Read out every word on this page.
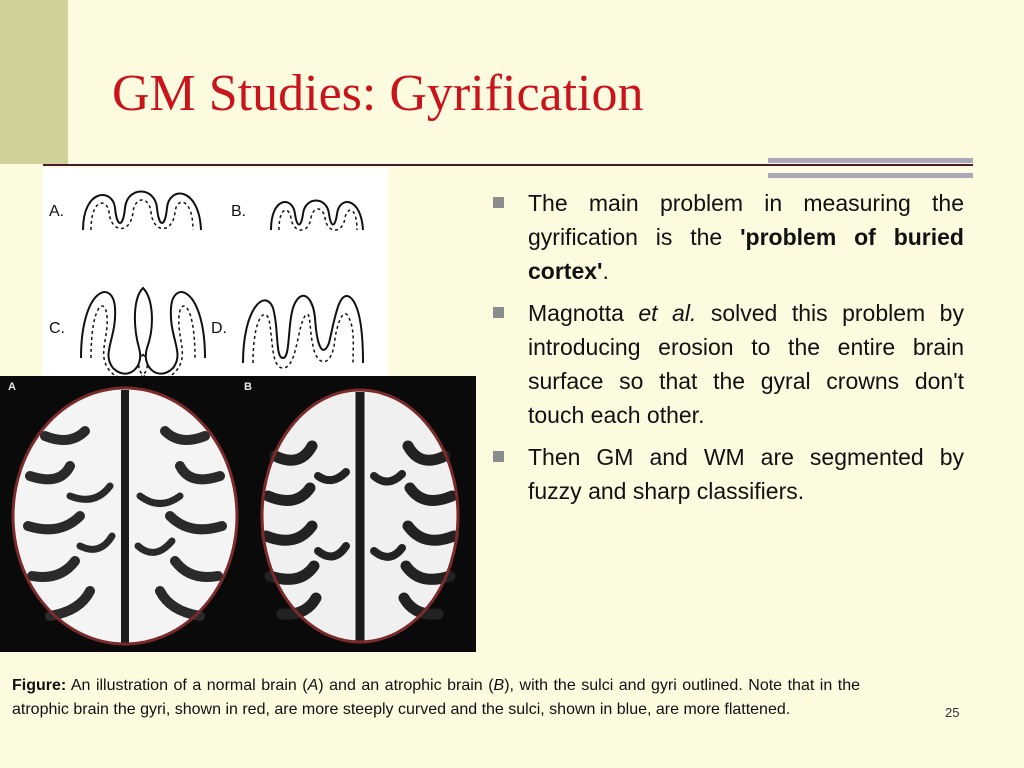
GM Studies: Gyrification
A.	B.
C.	D.
A	B
The main problem in measuring the gyrification is the 'problem of buried cortex'.
Magnotta et al. solved this problem by introducing erosion to the entire brain surface so that the gyral crowns don't touch each other.
Then GM and WM are segmented by fuzzy and sharp classifiers.

Figure: An illustration of a normal brain (A) and an atrophic brain (B), with the sulci and gyri outlined. Note that in the atrophic brain the gyri, shown in red, are more steeply curved and the sulci, shown in blue, are more flattened.	25
